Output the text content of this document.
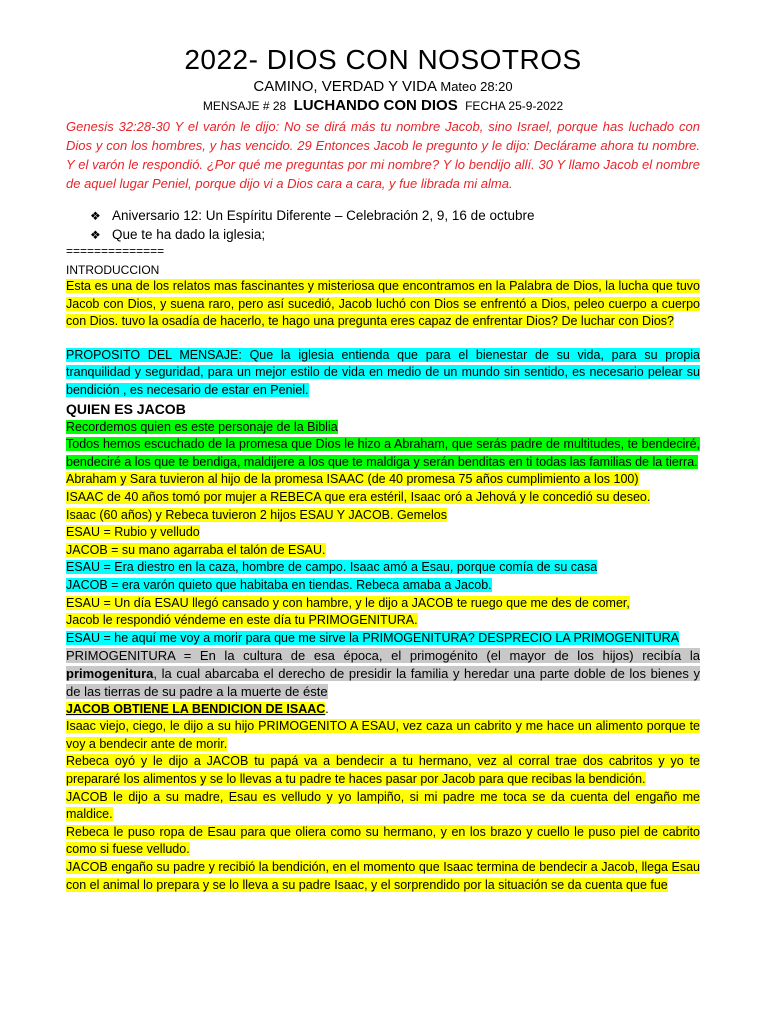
2022- DIOS CON NOSOTROS
CAMINO, VERDAD Y VIDA Mateo 28:20
MENSAJE # 28 LUCHANDO CON DIOS FECHA 25-9-2022
Genesis 32:28-30 Y el varón le dijo: No se dirá más tu nombre Jacob, sino Israel, porque has luchado con Dios y con los hombres, y has vencido. 29 Entonces Jacob le pregunto y le dijo: Declárame ahora tu nombre. Y el varón le respondió. ¿Por qué me preguntas por mi nombre? Y lo bendijo allí. 30 Y llamo Jacob el nombre de aquel lugar Peniel, porque dijo vi a Dios cara a cara, y fue librada mi alma.
❖ Aniversario 12: Un Espíritu Diferente – Celebración 2, 9, 16 de octubre
❖ Que te ha dado la iglesia;
==============
INTRODUCCION

Esta es una de los relatos mas fascinantes y misteriosa que encontramos en la Palabra de Dios, la lucha que tuvo Jacob con Dios, y suena raro, pero así sucedió, Jacob luchó con Dios se enfrentó a Dios, peleo cuerpo a cuerpo con Dios. tuvo la osadía de hacerlo, te hago una pregunta eres capaz de enfrentar Dios? De luchar con Dios?

PROPOSITO DEL MENSAJE: Que la iglesia entienda que para el bienestar de su vida, para su propia tranquilidad y seguridad, para un mejor estilo de vida en medio de un mundo sin sentido, es necesario pelear su bendición , es necesario de estar en Peniel.

QUIEN ES JACOB

Recordemos quien es este personaje de la Biblia

Todos hemos escuchado de la promesa que Dios le hizo a Abraham, que serás padre de multitudes, te bendeciré, bendeciré a los que te bendiga, maldijere a los que te maldiga y serán benditas en ti todas las familias de la tierra.

Abraham y Sara tuvieron al hijo de la promesa ISAAC (de 40 promesa 75 años cumplimiento a los 100)

ISAAC de 40 años tomó por mujer a REBECA que era estéril, Isaac oró a Jehová y le concedió su deseo.

Isaac (60 años) y Rebeca tuvieron 2 hijos ESAU Y JACOB. Gemelos

ESAU = Rubio y velludo

JACOB = su mano agarraba el talón de ESAU.

ESAU = Era diestro en la caza, hombre de campo. Isaac amó a Esau, porque comía de su casa

JACOB = era varón quieto que habitaba en tiendas. Rebeca amaba a Jacob.

ESAU = Un día ESAU llegó cansado y con hambre, y le dijo a JACOB te ruego que me des de comer,

Jacob le respondió véndeme en este día tu PRIMOGENITURA.

ESAU = he aquí me voy a morir para que me sirve la PRIMOGENITURA? DESPRECIO LA PRIMOGENITURA

PRIMOGENITURA = En la cultura de esa época, el primogénito (el mayor de los hijos) recibía la primogenitura, la cual abarcaba el derecho de presidir la familia y heredar una parte doble de los bienes y de las tierras de su padre a la muerte de éste

JACOB OBTIENE LA BENDICION DE ISAAC.

Isaac viejo, ciego, le dijo a su hijo PRIMOGENITO A ESAU, vez caza un cabrito y me hace un alimento porque te voy a bendecir ante de morir.

Rebeca oyó y le dijo a JACOB tu papá va a bendecir a tu hermano, vez al corral trae dos cabritos y yo te prepararé los alimentos y se lo llevas a tu padre te haces pasar por Jacob para que recibas la bendición.

JACOB le dijo a su madre, Esau es velludo y yo lampiño, si mi padre me toca se da cuenta del engaño me maldice.

Rebeca le puso ropa de Esau para que oliera como su hermano, y en los brazo y cuello le puso piel de cabrito como si fuese velludo.

JACOB engaño su padre y recibió la bendición, en el momento que Isaac termina de bendecir a Jacob, llega Esau con el animal lo prepara y se lo lleva a su padre Isaac, y el sorprendido por la situación se da cuenta que fue
